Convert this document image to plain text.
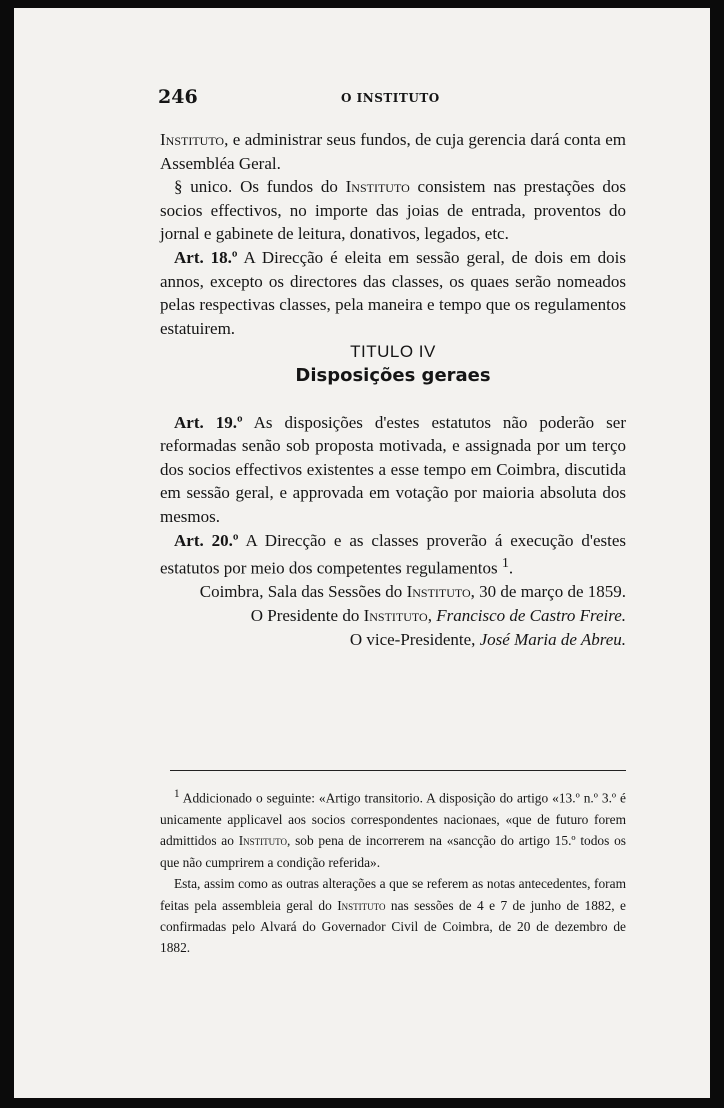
246	O INSTITUTO

Instituto, e administrar seus fundos, de cuja gerencia dará conta em Assembléa Geral.

§ unico. Os fundos do Instituto consistem nas prestações dos socios effectivos, no importe das joias de entrada, proventos do jornal e gabinete de leitura, donativos, legados, etc.

Art. 18.º A Direcção é eleita em sessão geral, de dois em dois annos, excepto os directores das classes, os quaes serão nomeados pelas respectivas classes, pela maneira e tempo que os regulamentos estatuirem.

TITULO IV

Disposições geraes

Art. 19.º As disposições d'estes estatutos não poderão ser reformadas senão sob proposta motivada, e assignada por um terço dos socios effectivos existentes a esse tempo em Coimbra, discutida em sessão geral, e approvada em votação por maioria absoluta dos mesmos.

Art. 20.º A Direcção e as classes proverão á execução d'estes estatutos por meio dos competentes regulamentos $^1$.

Coimbra, Sala das Sessões do Instituto, 30 de março de 1859.

O Presidente do Instituto, Francisco de Castro Freire.

O vice-Presidente, José Maria de Abreu.

$^1$ Addicionado o seguinte: «Artigo transitorio. A disposição do artigo «13.º n.º 3.º é unicamente applicavel aos socios correspondentes nacionaes, «que de futuro forem admittidos ao Instituto, sob pena de incorrerem na «sancção do artigo 15.º todos os que não cumprirem a condição referida».

Esta, assim como as outras alterações a que se referem as notas antecedentes, foram feitas pela assembleia geral do Instituto nas sessões de 4 e 7 de junho de 1882, e confirmadas pelo Alvará do Governador Civil de Coimbra, de 20 de dezembro de 1882.
